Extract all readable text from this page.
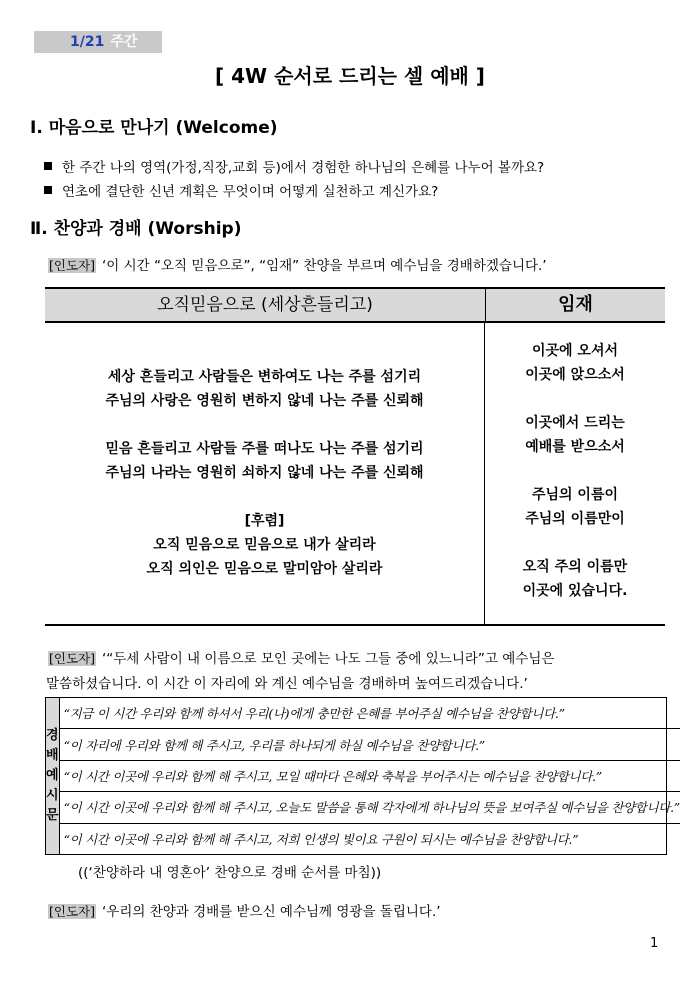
1/21 주간
[ 4W 순서로 드리는 셀 예배 ]
Ⅰ. 마음으로 만나기 (Welcome)
한 주간 나의 영역(가정,직장,교회 등)에서 경험한 하나님의 은혜를 나누어 볼까요?
연초에 결단한 신년 계획은 무엇이며 어떻게 실천하고 계신가요?
Ⅱ. 찬양과 경배 (Worship)
[인도자] ‘이 시간 “오직 믿음으로”, “임재” 찬양을 부르며 예수님을 경배하겠습니다.’
오직믿음으로 (세상흔들리고)	임재
세상 흔들리고 사람들은 변하여도 나는 주를 섬기리
주님의 사랑은 영원히 변하지 않네 나는 주를 신뢰해
믿음 흔들리고 사람들 주를 떠나도 나는 주를 섬기리
주님의 나라는 영원히 쇠하지 않네 나는 주를 신뢰해
[후렴]
오직 믿음으로 믿음으로 내가 살리라
오직 의인은 믿음으로 말미암아 살리라
이곳에 오셔서
이곳에 앉으소서
이곳에서 드리는
예배를 받으소서
주님의 이름이
주님의 이름만이
오직 주의 이름만
이곳에 있습니다.
[인도자] ‘“두세 사람이 내 이름으로 모인 곳에는 나도 그들 중에 있느니라”고 예수님은
말씀하셨습니다. 이 시간 이 자리에 와 계신 예수님을 경배하며 높여드리겠습니다.’
경
배
예
시
문
“지금 이 시간 우리와 함께 하셔서 우리(나)에게 충만한 은혜를 부어주실 예수님을 찬양합니다.”
“이 자리에 우리와 함께 해 주시고, 우리를 하나되게 하실 예수님을 찬양합니다.”
“이 시간 이곳에 우리와 함께 해 주시고, 모일 때마다 은혜와 축복을 부어주시는 예수님을 찬양합니다.”
“이 시간 이곳에 우리와 함께 해 주시고, 오늘도 말씀을 통해 각자에게 하나님의 뜻을 보여주실 예수님을 찬양합니다.”
“이 시간 이곳에 우리와 함께 해 주시고, 저희 인생의 빛이요 구원이 되시는 예수님을 찬양합니다.”
((‘찬양하라 내 영혼아’ 찬양으로 경배 순서를 마침))
[인도자] ‘우리의 찬양과 경배를 받으신 예수님께 영광을 돌립니다.’
1
